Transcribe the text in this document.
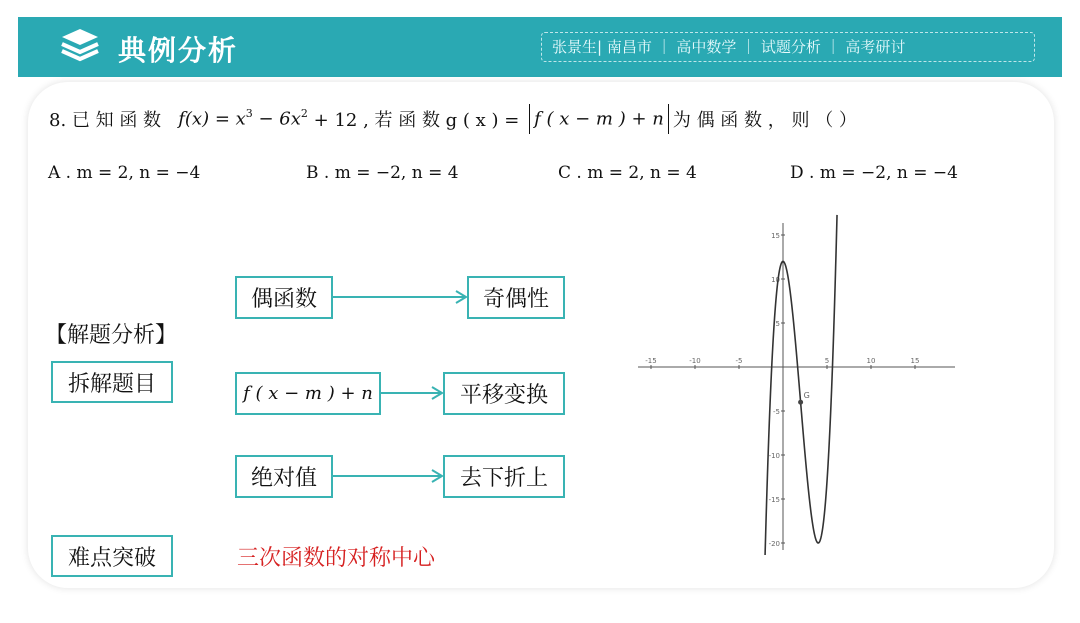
典例分析	张景生| 南昌市 ｜ 高中数学 ｜ 试题分析 ｜ 高考研讨
8. 已 知 函 数 $f(x) = x^3 - 6x^2 + 12$ , 若 函 数 g ( x ) = f ( x − m ) + n 为 偶 函 数 ， 则 （ ）
A . m = 2, n = −4	B . m = −2, n = 4	C . m = 2, n = 4	D . m = −2, n = −4
【解题分析】
拆解题目
难点突破
偶函数	奇偶性
f ( x − m ) + n	平移变换
绝对值	去下折上
三次函数的对称中心
-15	-10	-5	5	10	15
15
10
5
-5
-10
-15
-20
G
